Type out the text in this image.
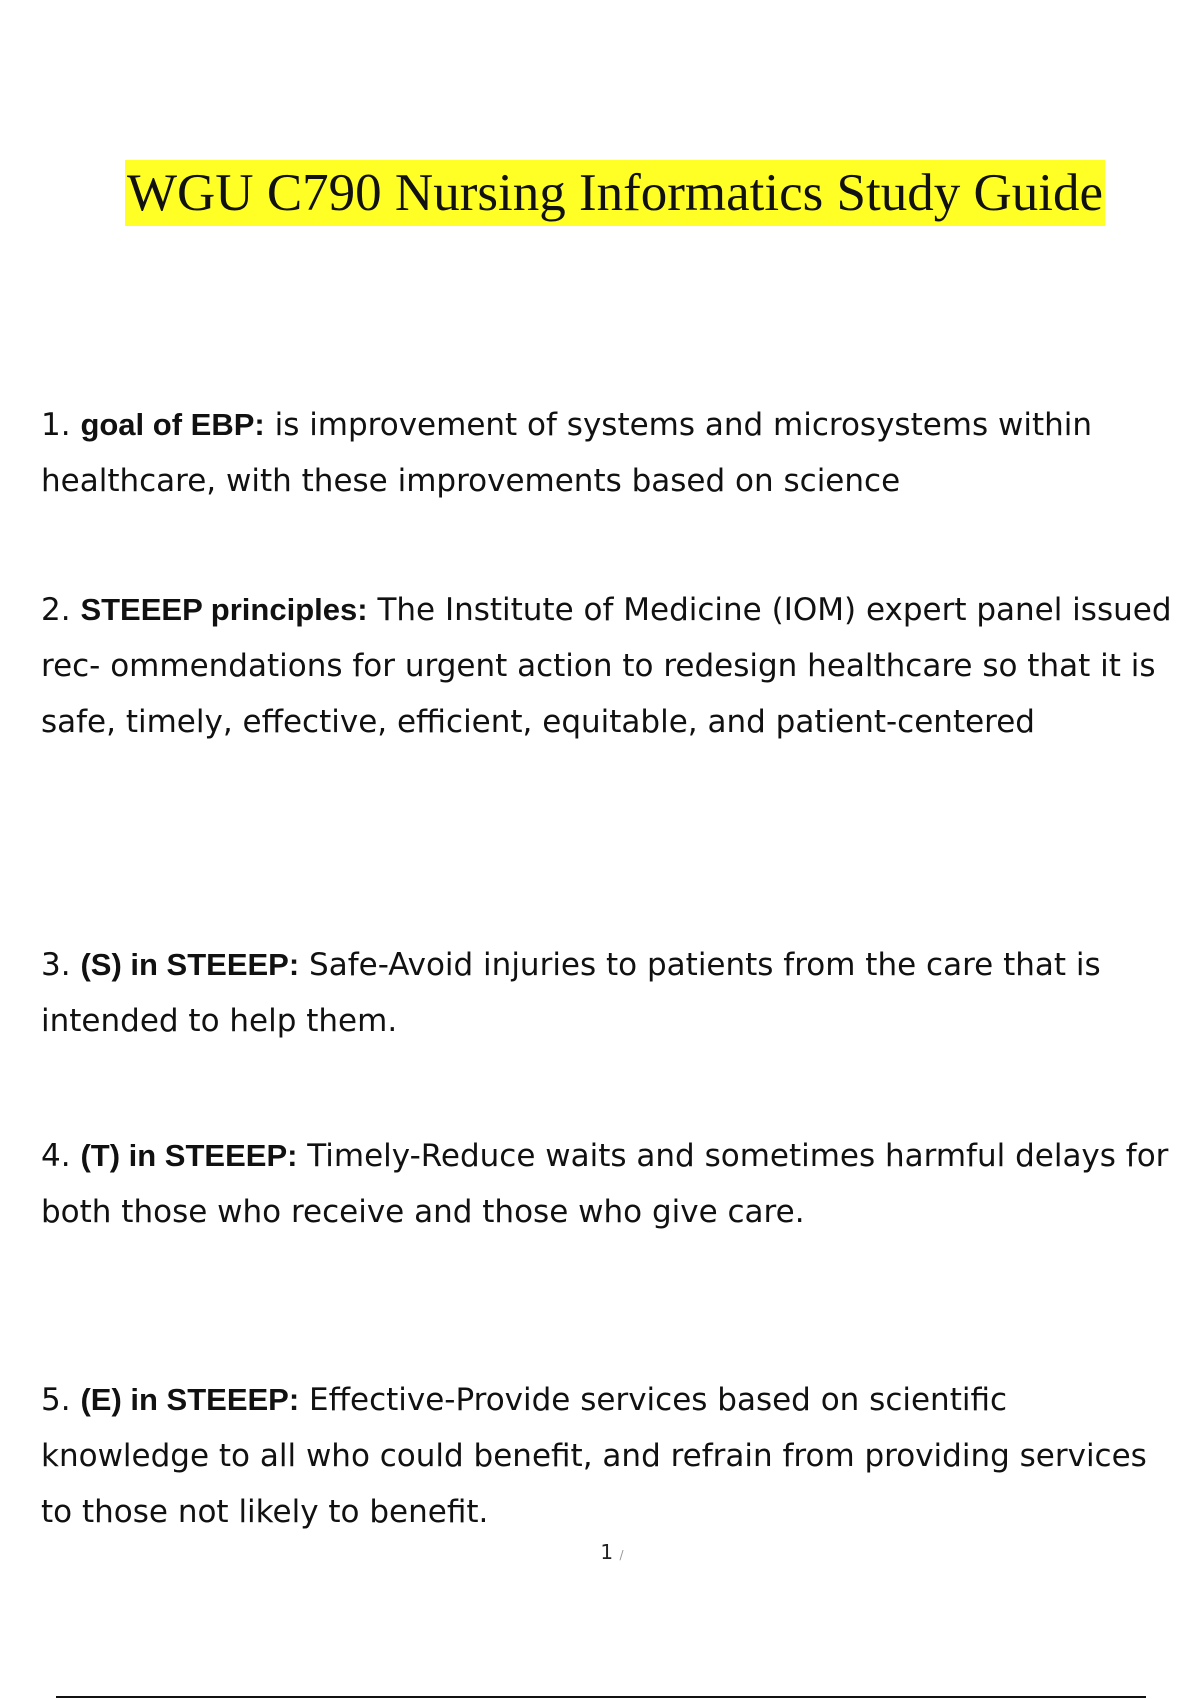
WGU C790 Nursing Informatics Study Guide
1. goal of EBP: is improvement of systems and microsystems within healthcare, with these improvements based on science
2. STEEEP principles: The Institute of Medicine (IOM) expert panel issued rec- ommendations for urgent action to redesign healthcare so that it is safe, timely, effective, efficient, equitable, and patient-centered
3. (S) in STEEEP: Safe-Avoid injuries to patients from the care that is intended to help them.
4. (T) in STEEEP: Timely-Reduce waits and sometimes harmful delays for both those who receive and those who give care.
5. (E) in STEEEP: Effective-Provide services based on scientific knowledge to all who could benefit, and refrain from providing services to those not likely to benefit.
1 /
